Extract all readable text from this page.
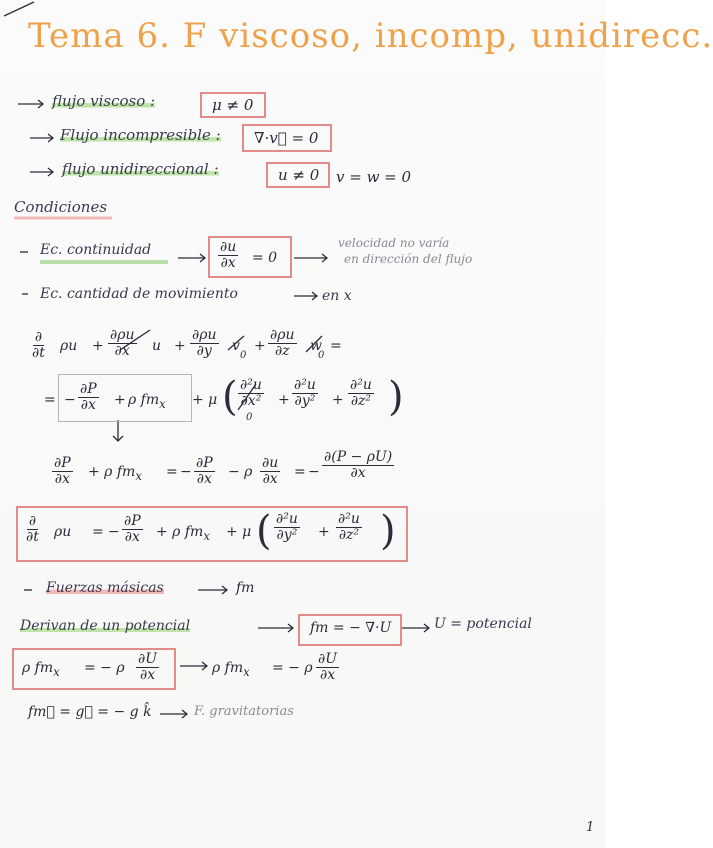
Tema 6. F viscoso, incomp, unidirecc.
flujo viscoso :	μ ≠ 0
Flujo incompresible : ∇·v⃗ = 0
flujo unidireccional :	u ≠ 0 v = w = 0
Condiciones
Ec. continuidad	$\frac{\partial u}{\partial x} = 0$
velocidad no varía
en dirección del flujo
Ec. cantidad de movimiento	en x
∂
∂t $\rho u + \frac{\partial\rho u}{\partial x}$ $u + \frac{\partial\rho u}{\partial y}$ v
0
+ $\frac{\partial\rho u}{\partial z}$ w
0
=
= − $\frac{\partial P}{\partial x} + \rho$ $fm_x + \mu$ ( $\frac{\text{∂²u}}{\text{∂x²}}$
0
+ $\frac{\text{∂²u}}{\text{∂y²}} + \frac{\text{∂²u}}{\text{∂z²}}$ )
$\frac{\partial P}{\partial x} + \rho$ $fm_x$ = − $\frac{\partial P}{\partial x} - \rho \frac{\partial u}{\partial x}$ = − $\frac{\partial(P - \rho U)}{\partial x}$
∂
∂t ρu = − $\frac{\partial P}{\partial x} + \rho$ $fm_x + \mu$ ( $\frac{\text{∂²u}}{\text{∂y²}} + \frac{\text{∂²u}}{\text{∂z²}}$ )
Fuerzas másicas	fm
Derivan de un potencial	fm = − ∇·U	U = potencial
ρ $fm_x$ = − ρ $\frac{\partial U}{\partial x}$	ρ $fm_x$ = − ρ $\frac{\partial U}{\partial x}$
fm⃗ = g⃗ = − g k̂	F. gravitatorias
1
